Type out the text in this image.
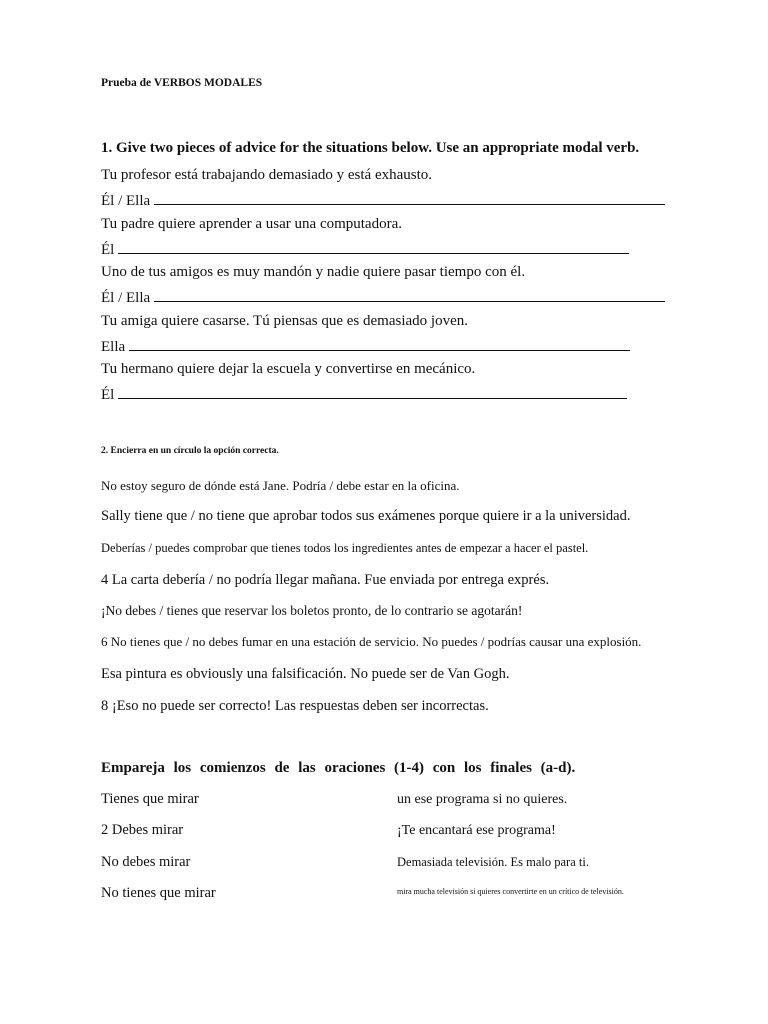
Prueba de VERBOS MODALES
1. Give two pieces of advice for the situations below. Use an appropriate modal verb.
Tu profesor está trabajando demasiado y está exhausto.
Él / Ella
Tu padre quiere aprender a usar una computadora.
Él
Uno de tus amigos es muy mandón y nadie quiere pasar tiempo con él.
Él / Ella
Tu amiga quiere casarse. Tú piensas que es demasiado joven.
Ella
Tu hermano quiere dejar la escuela y convertirse en mecánico.
Él
2. Encierra en un círculo la opción correcta.
No estoy seguro de dónde está Jane. Podría / debe estar en la oficina.
Sally tiene que / no tiene que aprobar todos sus exámenes porque quiere ir a la universidad.
Deberías / puedes comprobar que tienes todos los ingredientes antes de empezar a hacer el pastel.
4 La carta debería / no podría llegar mañana. Fue enviada por entrega exprés.
¡No debes / tienes que reservar los boletos pronto, de lo contrario se agotarán!
6 No tienes que / no debes fumar en una estación de servicio. No puedes / podrías causar una explosión.
Esa pintura es obviously una falsificación. No puede ser de Van Gogh.
8 ¡Eso no puede ser correcto! Las respuestas deben ser incorrectas.
Empareja los comienzos de las oraciones (1-4) con los finales (a-d).
Tienes que mirar
2 Debes mirar
No debes mirar
No tienes que mirar
un ese programa si no quieres.
¡Te encantará ese programa!
Demasiada televisión. Es malo para ti.
mira mucha televisión si quieres convertirte en un crítico de televisión.
